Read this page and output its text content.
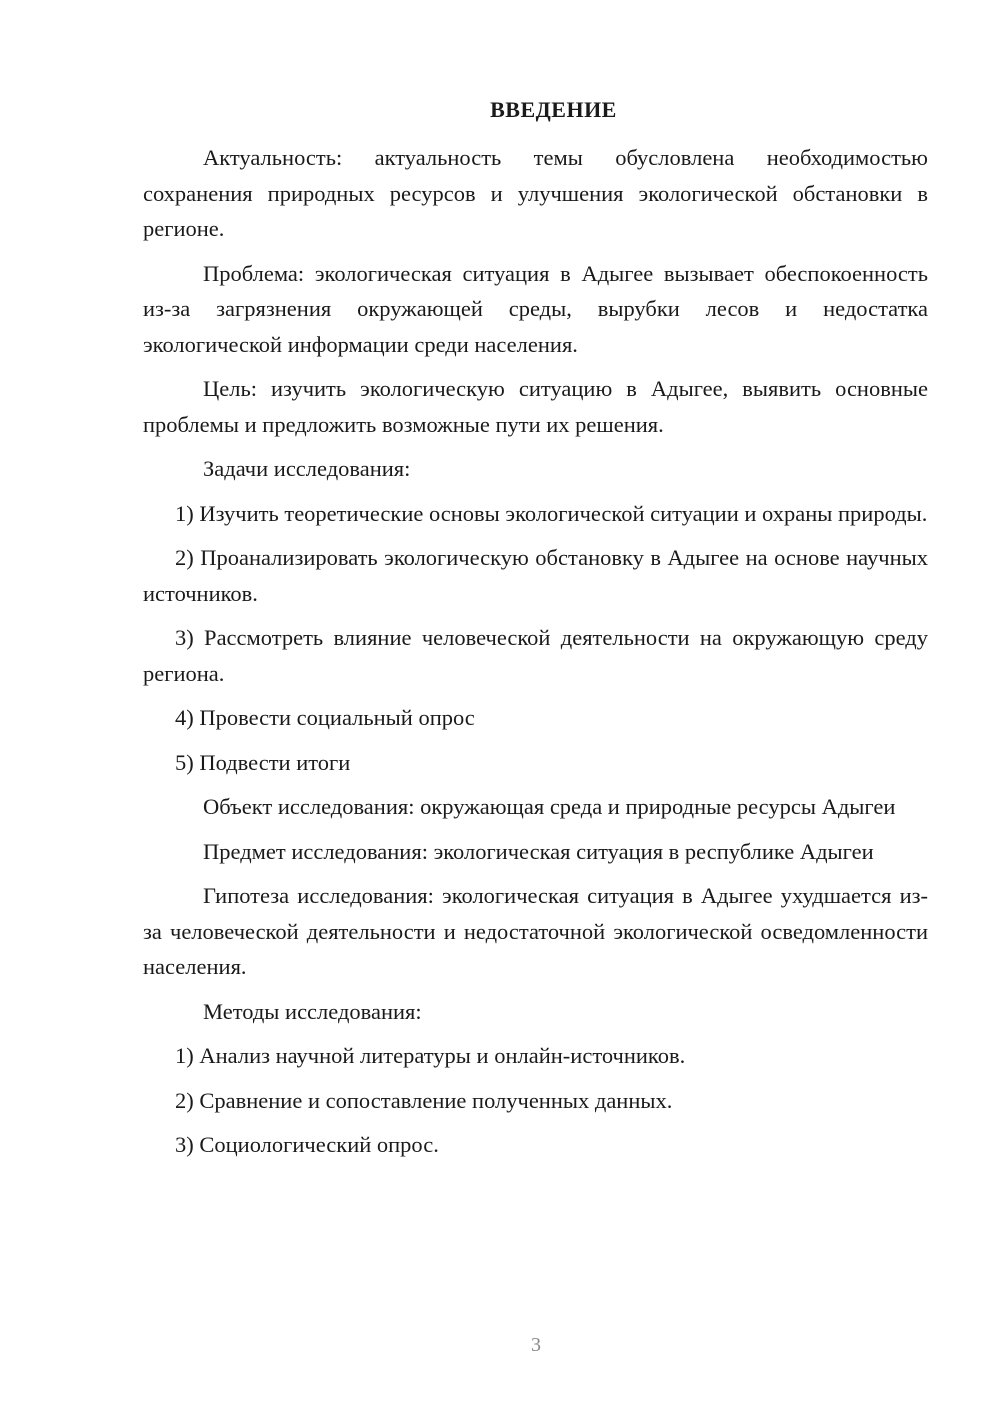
ВВЕДЕНИЕ

Актуальность: актуальность темы обусловлена необходимостью сохранения природных ресурсов и улучшения экологической обстановки в регионе.

Проблема: экологическая ситуация в Адыгее вызывает обеспокоенность из-за загрязнения окружающей среды, вырубки лесов и недостатка экологической информации среди населения.

Цель: изучить экологическую ситуацию в Адыгее, выявить основные проблемы и предложить возможные пути их решения.

Задачи исследования:

1) Изучить теоретические основы экологической ситуации и охраны природы.

2) Проанализировать экологическую обстановку в Адыгее на основе научных источников.

3) Рассмотреть влияние человеческой деятельности на окружающую среду региона.

4) Провести социальный опрос

5) Подвести итоги

Объект исследования: окружающая среда и природные ресурсы Адыгеи

Предмет исследования: экологическая ситуация в республике Адыгеи

Гипотеза исследования: экологическая ситуация в Адыгее ухудшается из-за человеческой деятельности и недостаточной экологической осведомленности населения.

Методы исследования:

1) Анализ научной литературы и онлайн-источников.

2) Сравнение и сопоставление полученных данных.

3) Социологический опрос.

3
